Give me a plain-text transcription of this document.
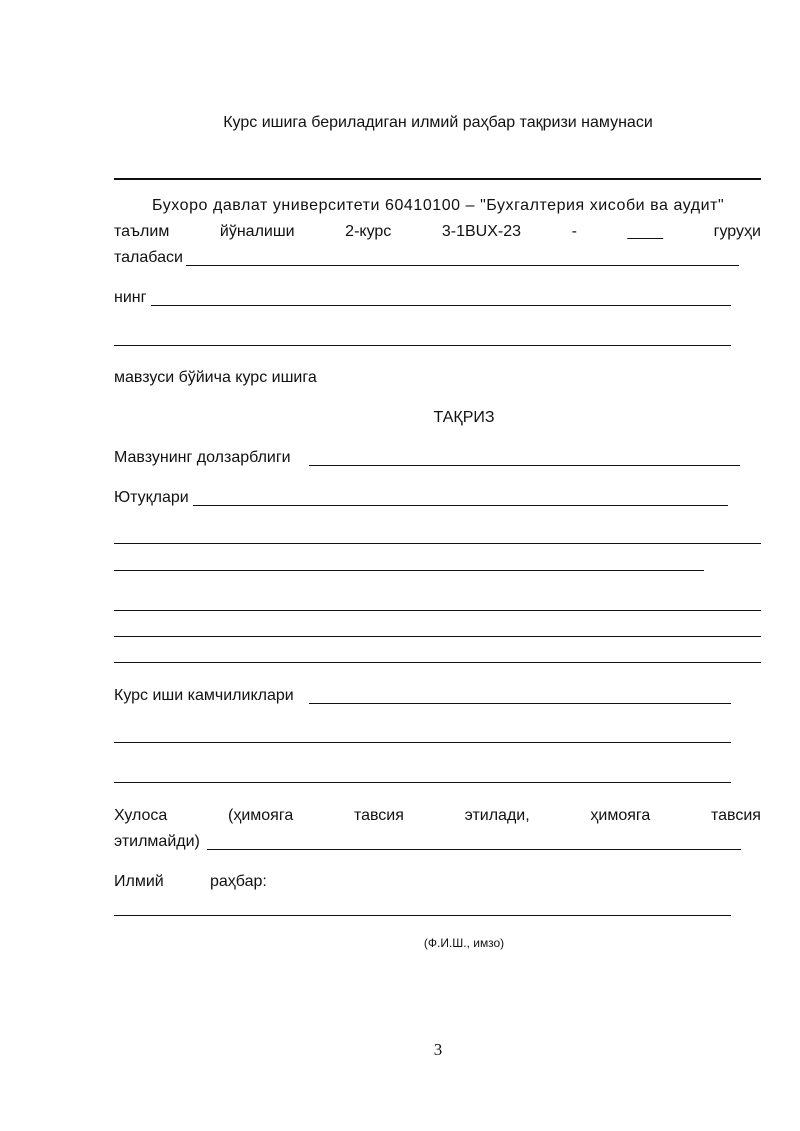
Курс ишига бериладиган илмий раҳбар тақризи намунаси
Бухоро давлат университети 60410100 – "Бухгалтерия хисоби ва аудит"
таълим	йўналиши	2-курс	3-1BUX-23	-	____	гуруҳи
талабаси
нинг
мавзуси бўйича курс ишига
ТАҚРИЗ
Мавзунинг долзарблиги
Ютуқлари
Курс иши камчиликлари
Хулоса	(ҳимояга	тавсия	этилади,	ҳимояга	тавсия
этилмайди)
Илмий	раҳбар:
(Ф.И.Ш., имзо)
3
